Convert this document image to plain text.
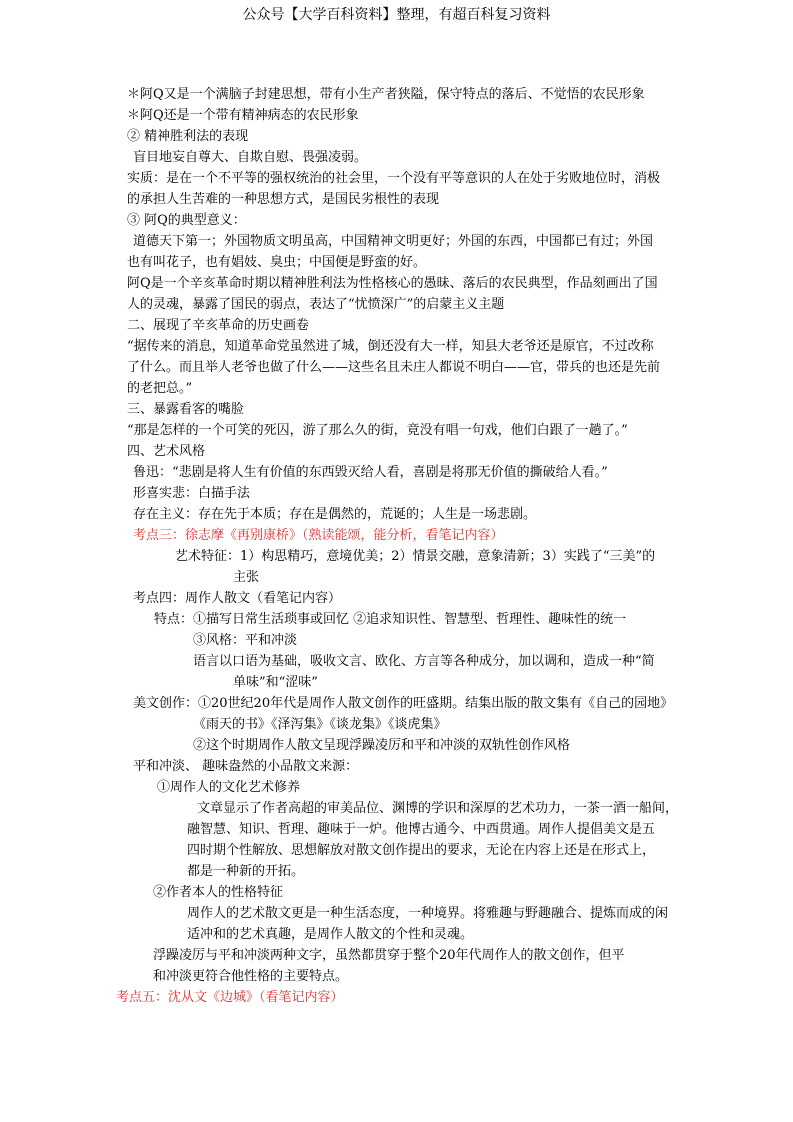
公众号【大学百科资料】整理，有超百科复习资料
＊阿Q又是一个满脑子封建思想，带有小生产者狭隘，保守特点的落后、不觉悟的农民形象
＊阿Q还是一个带有精神病态的农民形象
② 精神胜利法的表现
盲目地妄自尊大、自欺自慰、畏强凌弱。
实质：是在一个不平等的强权统治的社会里，一个没有平等意识的人在处于劣败地位时，消极
的承担人生苦难的一种思想方式，是国民劣根性的表现
③ 阿Q的典型意义：
道德天下第一；外国物质文明虽高，中国精神文明更好；外国的东西，中国都已有过；外国
也有叫花子，也有娼妓、臭虫；中国便是野蛮的好。
阿Q是一个辛亥革命时期以精神胜利法为性格核心的愚昧、落后的农民典型，作品刻画出了国
人的灵魂，暴露了国民的弱点，表达了“忧愤深广”的启蒙主义主题
二、展现了辛亥革命的历史画卷
“据传来的消息，知道革命党虽然进了城，倒还没有大一样，知县大老爷还是原官，不过改称
了什么。而且举人老爷也做了什么——这些名且未庄人都说不明白——官，带兵的也还是先前
的老把总。”
三、暴露看客的嘴脸
“那是怎样的一个可笑的死囚，游了那么久的街，竟没有唱一句戏，他们白跟了一趟了。”
四、艺术风格
鲁迅：“悲剧是将人生有价值的东西毁灭给人看，喜剧是将那无价值的撕破给人看。”
形喜实悲：白描手法
存在主义：存在先于本质；存在是偶然的，荒诞的；人生是一场悲剧。
考点三：徐志摩《再别康桥》（熟读能颂，能分析，看笔记内容）
艺术特征：1）构思精巧，意境优美；2）情景交融，意象清新；3）实践了“三美”的
主张
考点四：周作人散文（看笔记内容）
特点：①描写日常生活琐事或回忆 ②追求知识性、智慧型、哲理性、趣味性的统一
③风格：平和冲淡
语言以口语为基础，吸收文言、欧化、方言等各种成分，加以调和，造成一种“简
单味”和“涩味”
美文创作：①20世纪20年代是周作人散文创作的旺盛期。结集出版的散文集有《自己的园地》
《雨天的书》《泽泻集》《谈龙集》《谈虎集》
②这个时期周作人散文呈现浮躁凌厉和平和冲淡的双轨性创作风格
平和冲淡、 趣味盎然的小品散文来源：
①周作人的文化艺术修养
文章显示了作者高超的审美品位、渊博的学识和深厚的艺术功力，一茶一酒一船间，
融智慧、知识、哲理、趣味于一炉。他博古通今、中西贯通。周作人提倡美文是五
四时期个性解放、思想解放对散文创作提出的要求，无论在内容上还是在形式上，
都是一种新的开拓。
②作者本人的性格特征
周作人的艺术散文更是一种生活态度，一种境界。将雅趣与野趣融合、提炼而成的闲
适冲和的艺术真趣，是周作人散文的个性和灵魂。
浮躁凌厉与平和冲淡两种文字，虽然都贯穿于整个20年代周作人的散文创作，但平
和冲淡更符合他性格的主要特点。
考点五：沈从文《边城》（看笔记内容）
